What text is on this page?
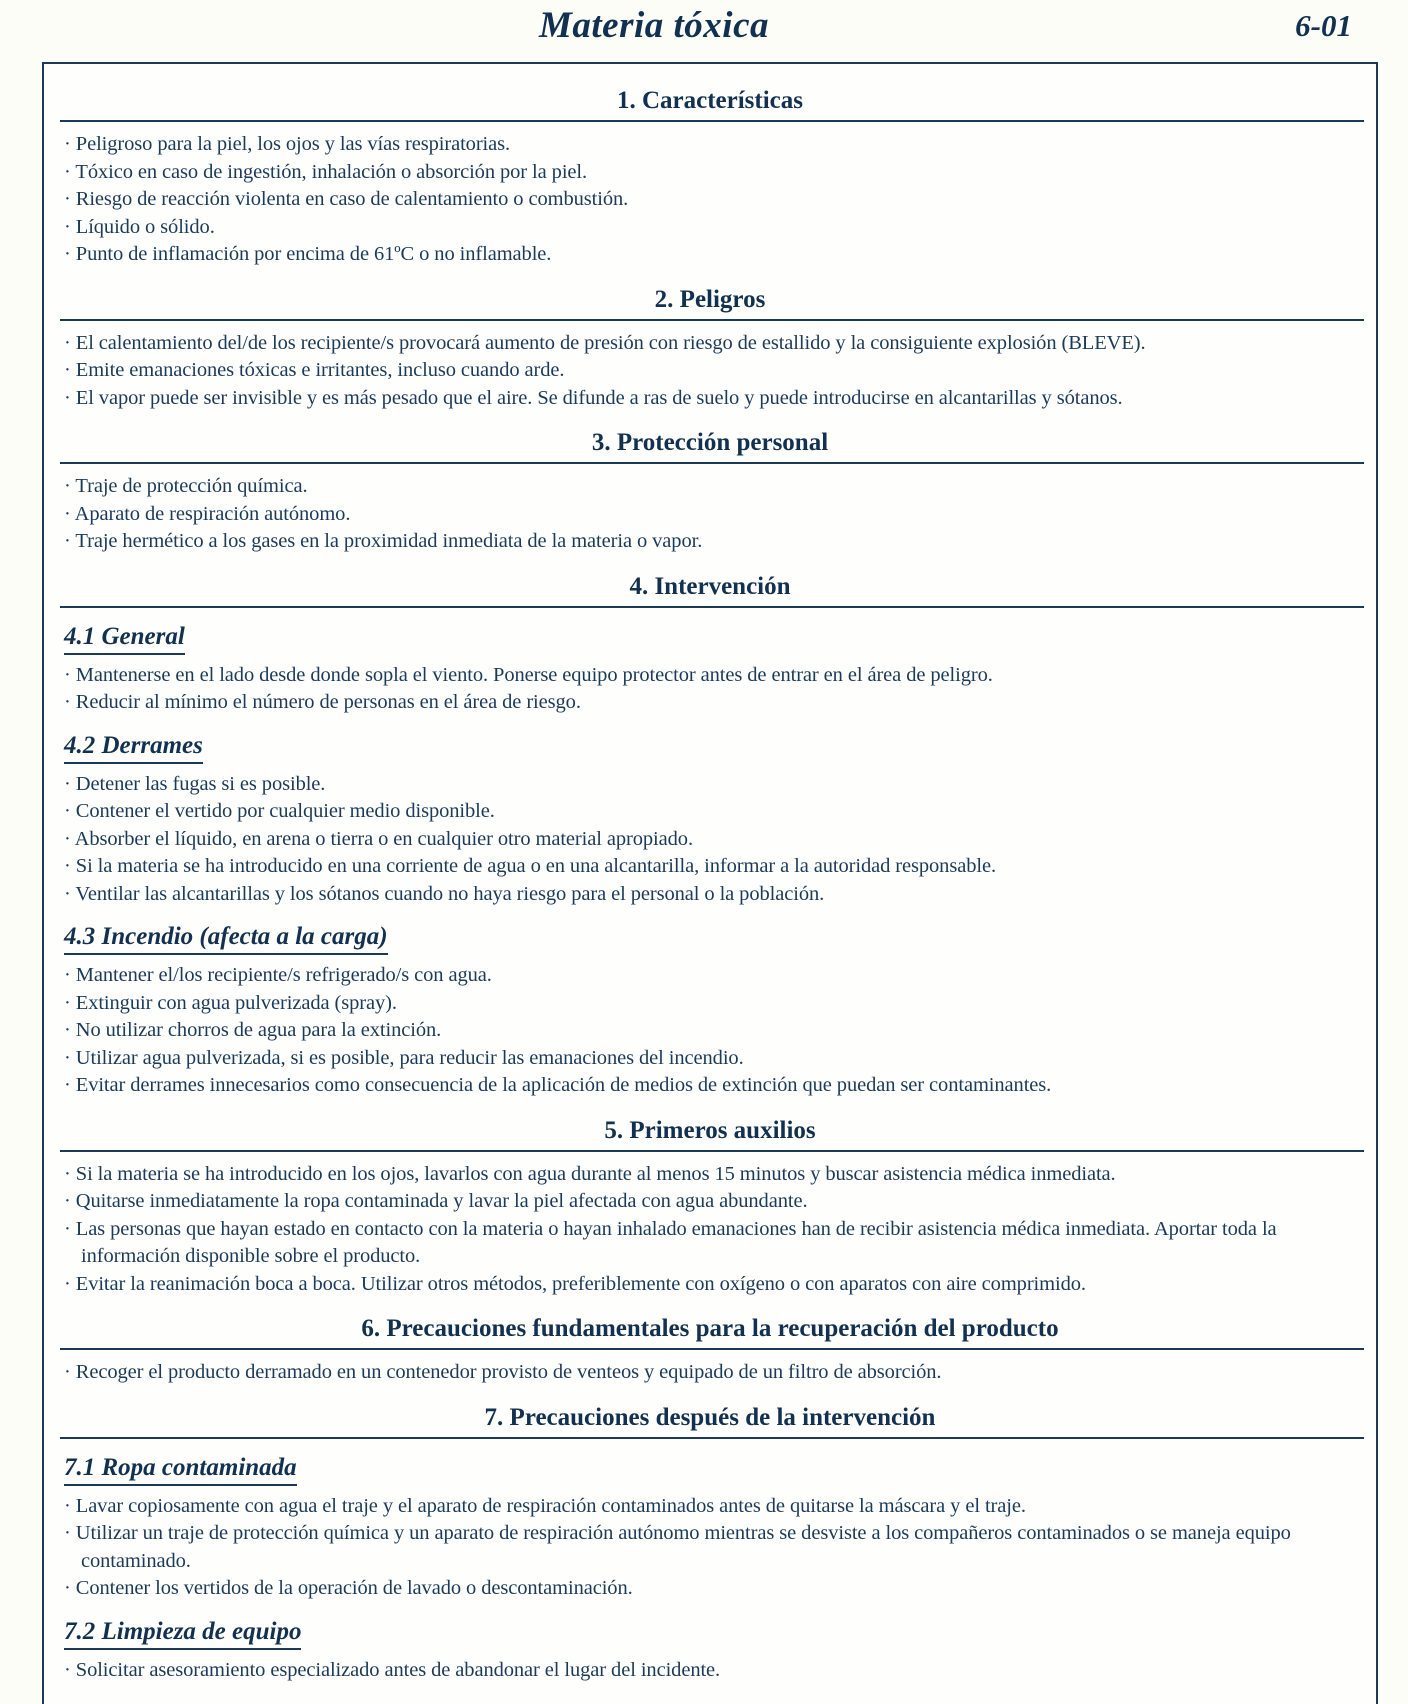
Materia tóxica	6-01
1. Características
· Peligroso para la piel, los ojos y las vías respiratorias.
· Tóxico en caso de ingestión, inhalación o absorción por la piel.
· Riesgo de reacción violenta en caso de calentamiento o combustión.
· Líquido o sólido.
· Punto de inflamación por encima de 61ºC o no inflamable.
2. Peligros
· El calentamiento del/de los recipiente/s provocará aumento de presión con riesgo de estallido y la consiguiente explosión (BLEVE).
· Emite emanaciones tóxicas e irritantes, incluso cuando arde.
· El vapor puede ser invisible y es más pesado que el aire. Se difunde a ras de suelo y puede introducirse en alcantarillas y sótanos.
3. Protección personal
· Traje de protección química.
· Aparato de respiración autónomo.
· Traje hermético a los gases en la proximidad inmediata de la materia o vapor.
4. Intervención
4.1 General
· Mantenerse en el lado desde donde sopla el viento. Ponerse equipo protector antes de entrar en el área de peligro.
· Reducir al mínimo el número de personas en el área de riesgo.
4.2 Derrames
· Detener las fugas si es posible.
· Contener el vertido por cualquier medio disponible.
· Absorber el líquido, en arena o tierra o en cualquier otro material apropiado.
· Si la materia se ha introducido en una corriente de agua o en una alcantarilla, informar a la autoridad responsable.
· Ventilar las alcantarillas y los sótanos cuando no haya riesgo para el personal o la población.
4.3 Incendio (afecta a la carga)
· Mantener el/los recipiente/s refrigerado/s con agua.
· Extinguir con agua pulverizada (spray).
· No utilizar chorros de agua para la extinción.
· Utilizar agua pulverizada, si es posible, para reducir las emanaciones del incendio.
· Evitar derrames innecesarios como consecuencia de la aplicación de medios de extinción que puedan ser contaminantes.
5. Primeros auxilios
· Si la materia se ha introducido en los ojos, lavarlos con agua durante al menos 15 minutos y buscar asistencia médica inmediata.
· Quitarse inmediatamente la ropa contaminada y lavar la piel afectada con agua abundante.
· Las personas que hayan estado en contacto con la materia o hayan inhalado emanaciones han de recibir asistencia médica inmediata. Aportar toda la información disponible sobre el producto.
· Evitar la reanimación boca a boca. Utilizar otros métodos, preferiblemente con oxígeno o con aparatos con aire comprimido.
6. Precauciones fundamentales para la recuperación del producto
· Recoger el producto derramado en un contenedor provisto de venteos y equipado de un filtro de absorción.
7. Precauciones después de la intervención
7.1 Ropa contaminada
· Lavar copiosamente con agua el traje y el aparato de respiración contaminados antes de quitarse la máscara y el traje.
· Utilizar un traje de protección química y un aparato de respiración autónomo mientras se desviste a los compañeros contaminados o se maneja equipo contaminado.
· Contener los vertidos de la operación de lavado o descontaminación.
7.2 Limpieza de equipo
· Solicitar asesoramiento especializado antes de abandonar el lugar del incidente.
